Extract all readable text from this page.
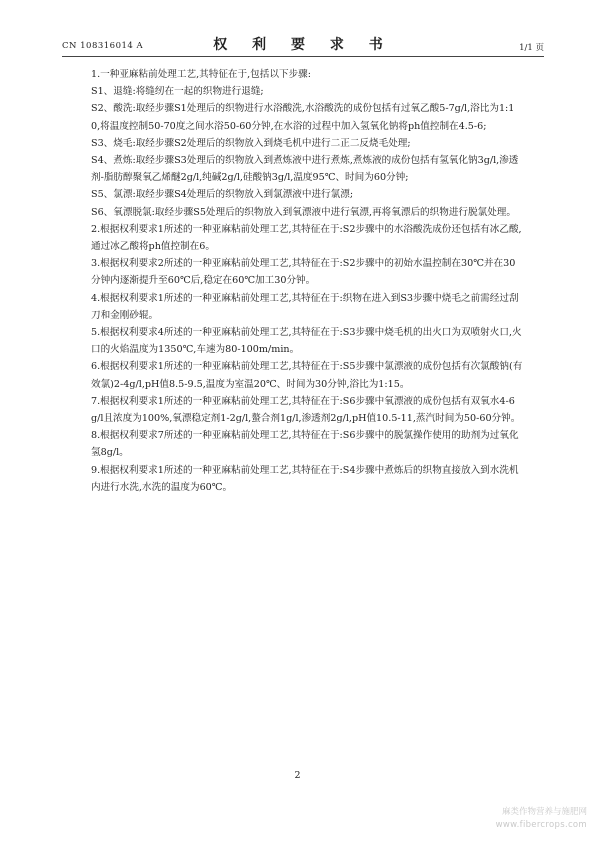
CN 108316014 A	权 利 要 求 书	1/1 页

1.一种亚麻粘前处理工艺,其特征在于,包括以下步骤:

S1、退缝:将缝纫在一起的织物进行退缝;

S2、酸洗:取经步骤S1处理后的织物进行水浴酸洗,水浴酸洗的成份包括有过氧乙酸5-7g/l,浴比为1:10,将温度控制50-70度之间水浴50-60分钟,在水浴的过程中加入氢氧化钠将ph值控制在4.5-6;

S3、烧毛:取经步骤S2处理后的织物放入到烧毛机中进行二正二反烧毛处理;

S4、煮炼:取经步骤S3处理后的织物放入到煮炼液中进行煮炼,煮炼液的成份包括有氢氧化钠3g/l,渗透剂-脂肪醇聚氧乙烯醚2g/l,纯碱2g/l,硅酸钠3g/l,温度95℃、时间为60分钟;

S5、氯漂:取经步骤S4处理后的织物放入到氯漂液中进行氯漂;

S6、氧漂脱氯:取经步骤S5处理后的织物放入到氧漂液中进行氧漂,再将氧漂后的织物进行脱氯处理。

2.根据权利要求1所述的一种亚麻粘前处理工艺,其特征在于:S2步骤中的水浴酸洗成份还包括有冰乙酸,通过冰乙酸将ph值控制在6。

3.根据权利要求2所述的一种亚麻粘前处理工艺,其特征在于:S2步骤中的初始水温控制在30℃并在30分钟内逐渐提升至60℃后,稳定在60℃加工30分钟。

4.根据权利要求1所述的一种亚麻粘前处理工艺,其特征在于:织物在进入到S3步骤中烧毛之前需经过刮刀和金刚砂辊。

5.根据权利要求4所述的一种亚麻粘前处理工艺,其特征在于:S3步骤中烧毛机的出火口为双喷射火口,火口的火焰温度为1350℃,车速为80-100m/min。

6.根据权利要求1所述的一种亚麻粘前处理工艺,其特征在于:S5步骤中氯漂液的成份包括有次氯酸钠(有效氯)2-4g/l,pH值8.5-9.5,温度为室温20℃、时间为30分钟,浴比为1:15。

7.根据权利要求1所述的一种亚麻粘前处理工艺,其特征在于:S6步骤中氧漂液的成份包括有双氧水4-6g/l且浓度为100%,氧漂稳定剂1-2g/l,螯合剂1g/l,渗透剂2g/l,pH值10.5-11,蒸汽时间为50-60分钟。

8.根据权利要求7所述的一种亚麻粘前处理工艺,其特征在于:S6步骤中的脱氯操作使用的助剂为过氧化氢8g/l。

9.根据权利要求1所述的一种亚麻粘前处理工艺,其特征在于:S4步骤中煮炼后的织物直接放入到水洗机内进行水洗,水洗的温度为60℃。

2
麻类作物营养与施肥网
www.fibercrops.com
